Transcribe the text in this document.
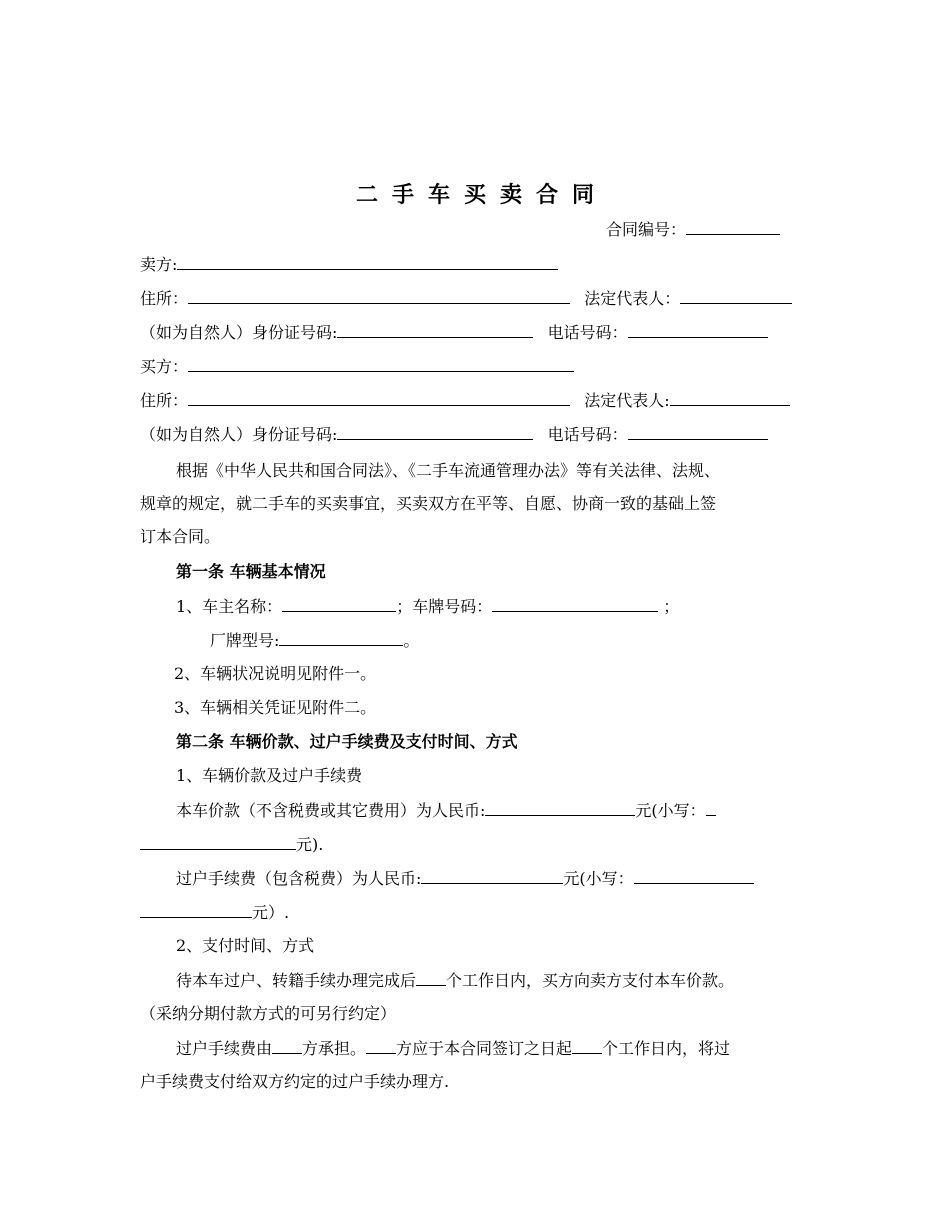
二手车买卖合同
合同编号：
卖方:
住所：	法定代表人：
（如为自然人）身份证号码:	电话号码：
买方：
住所：	法定代表人:
（如为自然人）身份证号码:	电话号码：
根据《中华人民共和国合同法》、《二手车流通管理办法》等有关法律、法规、
规章的规定，就二手车的买卖事宜，买卖双方在平等、自愿、协商一致的基础上签
订本合同。
第一条 车辆基本情况
1、车主名称：	；车牌号码：	；
厂牌型号:	。
2、车辆状况说明见附件一。
3、车辆相关凭证见附件二。
第二条 车辆价款、过户手续费及支付时间、方式
1、车辆价款及过户手续费
本车价款（不含税费或其它费用）为人民币:	元(小写：
元).
过户手续费（包含税费）为人民币:	元(小写：
元）.
2、支付时间、方式
待本车过户、转籍手续办理完成后 个工作日内，买方向卖方支付本车价款。
（采纳分期付款方式的可另行约定）
过户手续费由 方承担。 方应于本合同签订之日起 个工作日内，将过
户手续费支付给双方约定的过户手续办理方.
